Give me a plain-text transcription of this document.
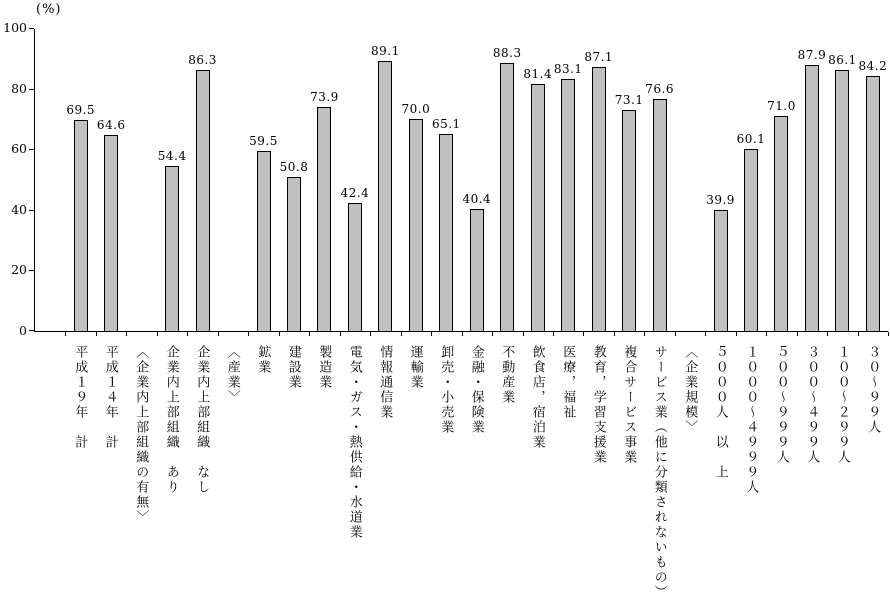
(%)
0
20
40
60
80
100
69.5
64.6
54.4
86.3
59.5
50.8
73.9
42.4
89.1
70.0
65.1
40.4
88.3
81.4 83.1
87.1
73.1
76.6
39.9
60.1
71.0
87.9 86.1 84.2
平成１９年　計 平成１４年　計 〈企業内上部組織の有無〉 企業内上部組織　あり 企業内上部組織　なし 〈産業〉 鉱業 建設業 製造業 電気・ガス・熱供給・水道業 情報通信業 運輸業 卸売・小売業 金融・保険業 不動産業 飲食店，宿泊業 医療，福祉 教育，学習支援業 複合サービス事業 サービス業（他に分類されないもの） 〈企業規模〉 ５０００人　以　上 １０００～４９９９人 ５００～９９９人 ３００～４９９人 １００～２９９人 ３０～９９人
